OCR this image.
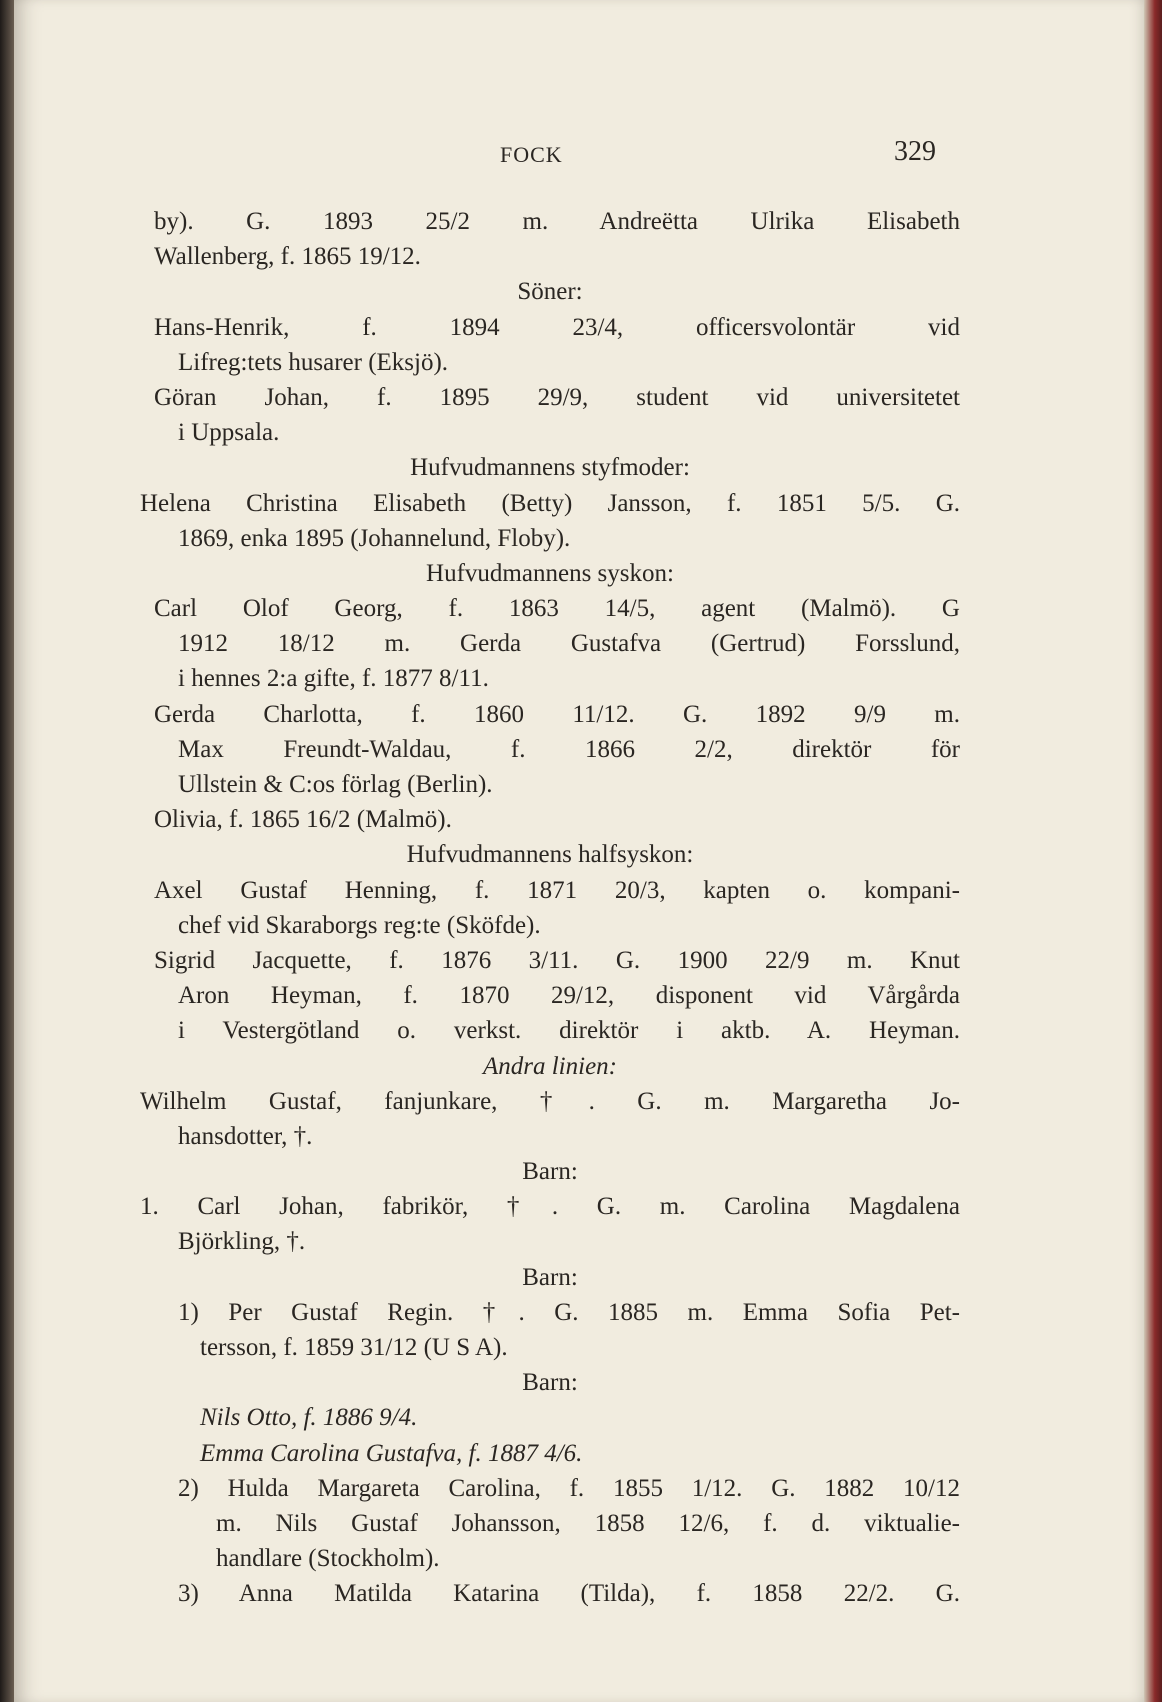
FOCK	329
by). G. 1893 25/2 m. Andreëtta Ulrika Elisabeth
Wallenberg, f. 1865 19/12.
Söner:
Hans-Henrik, f. 1894 23/4, officersvolontär vid
Lifreg:tets husarer (Eksjö).
Göran Johan, f. 1895 29/9, student vid universitetet
i Uppsala.
Hufvudmannens styfmoder:
Helena Christina Elisabeth (Betty) Jansson, f. 1851 5/5. G.
1869, enka 1895 (Johannelund, Floby).
Hufvudmannens syskon:
Carl Olof Georg, f. 1863 14/5, agent (Malmö). G
1912 18/12 m. Gerda Gustafva (Gertrud) Forsslund,
i hennes 2:a gifte, f. 1877 8/11.
Gerda Charlotta, f. 1860 11/12. G. 1892 9/9 m.
Max Freundt-Waldau, f. 1866 2/2, direktör för
Ullstein & C:os förlag (Berlin).
Olivia, f. 1865 16/2 (Malmö).
Hufvudmannens halfsyskon:
Axel Gustaf Henning, f. 1871 20/3, kapten o. kompani-
chef vid Skaraborgs reg:te (Sköfde).
Sigrid Jacquette, f. 1876 3/11. G. 1900 22/9 m. Knut
Aron Heyman, f. 1870 29/12, disponent vid Vårgårda
i Vestergötland o. verkst. direktör i aktb. A. Heyman.
Andra linien:
Wilhelm Gustaf, fanjunkare, †. G. m. Margaretha Jo-
hansdotter, †.
Barn:
1. Carl Johan, fabrikör, †. G. m. Carolina Magdalena
Björkling, †.
Barn:
1) Per Gustaf Regin. †. G. 1885 m. Emma Sofia Pet-
tersson, f. 1859 31/12 (U S A).
Barn:
Nils Otto, f. 1886 9/4.
Emma Carolina Gustafva, f. 1887 4/6.
2) Hulda Margareta Carolina, f. 1855 1/12. G. 1882 10/12
m. Nils Gustaf Johansson, 1858 12/6, f. d. viktualie-
handlare (Stockholm).
3) Anna Matilda Katarina (Tilda), f. 1858 22/2. G.
